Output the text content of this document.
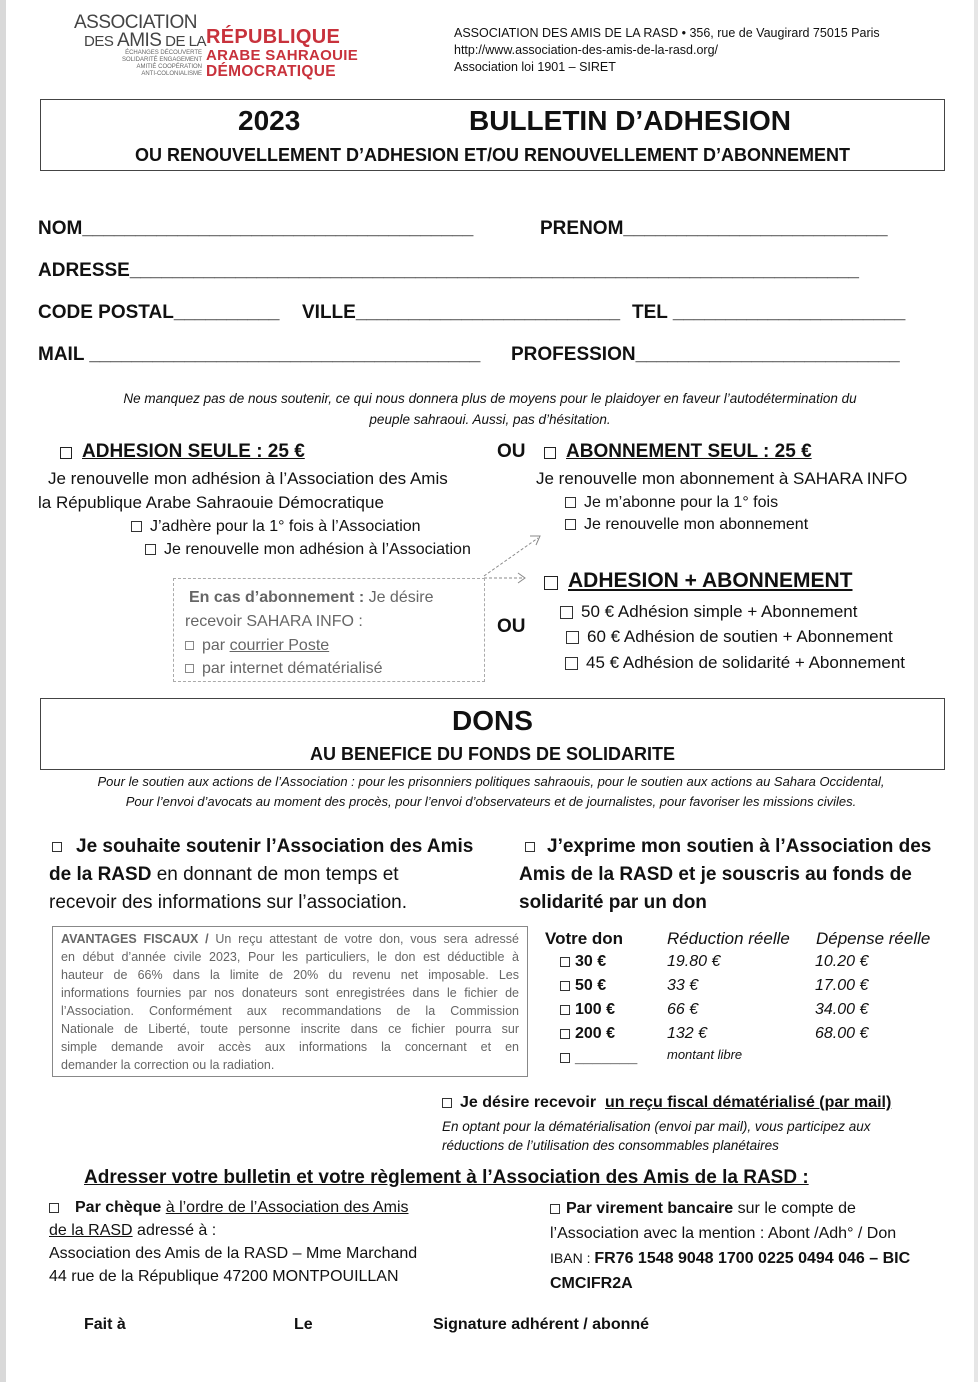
ASSOCIATION
DES AMIS DE LA RÉPUBLIQUE
ARABE SAHRAOUIE
DÉMOCRATIQUE
ÉCHANGES DÉCOUVERTE
SOLIDARITÉ ENGAGEMENT
AMITIÉ COOPÉRATION
ANTI-COLONIALISME
ASSOCIATION DES AMIS DE LA RASD • 356, rue de Vaugirard 75015 Paris
http://www.association-des-amis-de-la-rasd.org/
Association loi 1901 – SIRET
2023	BULLETIN D’ADHESION
OU RENOUVELLEMENT D’ADHESION ET/OU RENOUVELLEMENT D’ABONNEMENT
NOM_____________________________________	PRENOM_________________________
ADRESSE_____________________________________________________________________
CODE POSTAL__________	VILLE_________________________ TEL ______________________
MAIL _____________________________________	PROFESSION_________________________
Ne manquez pas de nous soutenir, ce qui nous donnera plus de moyens pour le plaidoyer en faveur l’autodétermination du
peuple sahraoui. Aussi, pas d’hésitation.
ADHESION SEULE : 25 €
Je renouvelle mon adhésion à l’Association des Amis
la République Arabe Sahraouie Démocratique
J’adhère pour la 1° fois à l’Association
Je renouvelle mon adhésion à l’Association
OU
OU
ABONNEMENT SEUL : 25 €
Je renouvelle mon abonnement à SAHARA INFO
Je m’abonne pour la 1° fois
Je renouvelle mon abonnement
En cas d’abonnement : Je désire
recevoir SAHARA INFO :
par courrier Poste
par internet dématérialisé
ADHESION + ABONNEMENT
50 € Adhésion simple + Abonnement
60 € Adhésion de soutien + Abonnement
45 € Adhésion de solidarité + Abonnement
DONS
AU BENEFICE DU FONDS DE SOLIDARITE
Pour le soutien aux actions de l’Association : pour les prisonniers politiques sahraouis, pour le soutien aux actions au Sahara Occidental,
Pour l’envoi d’avocats au moment des procès, pour l’envoi d’observateurs et de journalistes, pour favoriser les missions civiles.
Je souhaite soutenir l’Association des Amis
de la RASD en donnant de mon temps et
recevoir des informations sur l’association.
J’exprime mon soutien à l’Association des
Amis de la RASD et je souscris au fonds de
solidarité par un don
AVANTAGES FISCAUX / Un reçu attestant de votre don, vous sera adressé
en début d’année civile 2023, Pour les particuliers, le don est déductible à
hauteur de 66% dans la limite de 20% du revenu net imposable. Les
informations fournies par nos donateurs sont enregistrées dans le fichier de
l’Association. Conformément aux recommandations de la Commission
Nationale de Liberté, toute personne inscrite dans ce fichier pourra sur
simple demande avoir accès aux informations la concernant et en
demander la correction ou la radiation.
Votre don	Réduction réelle Dépense réelle
30 €	19.80 €	10.20 €
50 €	33 €	17.00 €
100 €	66 €	34.00 €
200 €	132 €	68.00 €
_______ montant libre
Je désire recevoir un reçu fiscal dématérialisé (par mail)
En optant pour la dématérialisation (envoi par mail), vous participez aux
réductions de l’utilisation des consommables planétaires
Adresser votre bulletin et votre règlement à l’Association des Amis de la RASD :
Par chèque à l’ordre de l’Association des Amis
de la RASD adressé à :
Association des Amis de la RASD – Mme Marchand
44 rue de la République 47200 MONTPOUILLAN
Par virement bancaire sur le compte de
l’Association avec la mention : Abont /Adh° / Don
IBAN : FR76 1548 9048 1700 0225 0494 046 – BIC
CMCIFR2A
Fait à	Le	Signature adhérent / abonné
